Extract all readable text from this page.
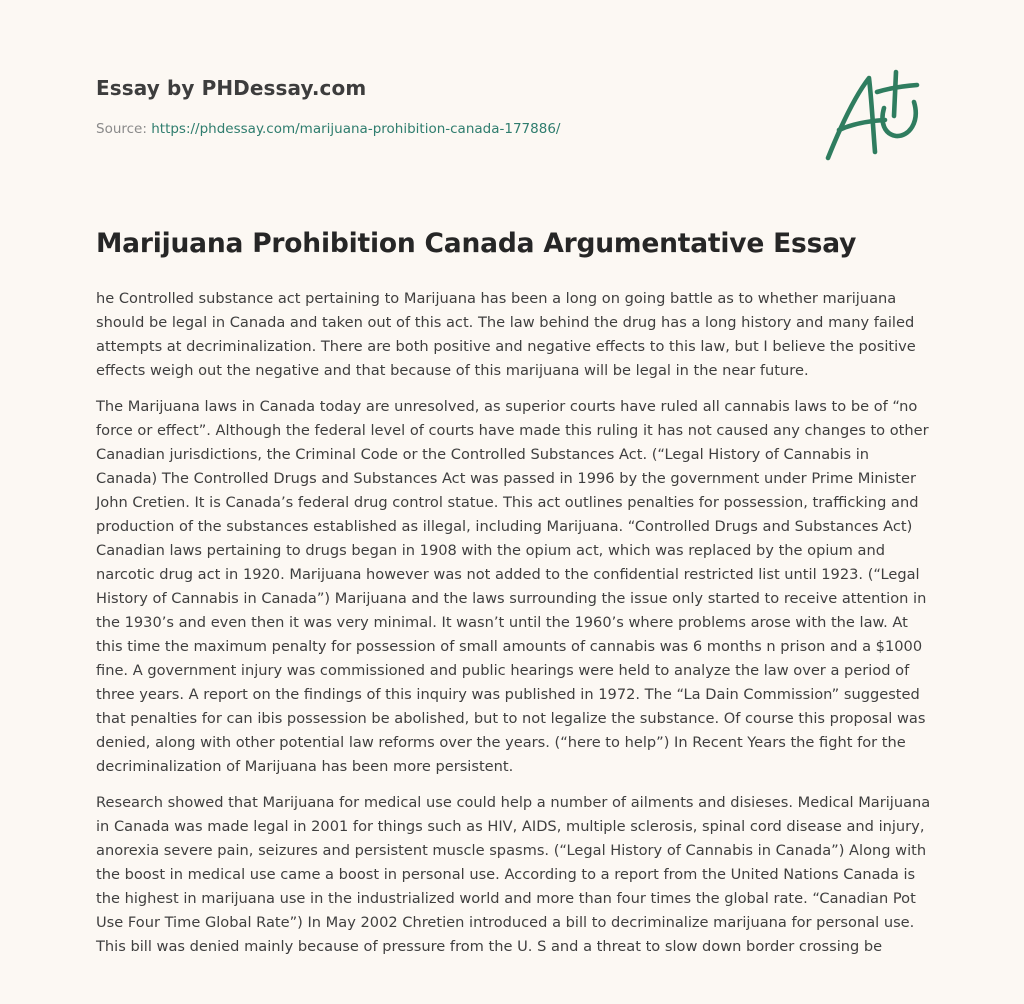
Essay by PHDessay.com
Source: https://phdessay.com/marijuana-prohibition-canada-177886/
Marijuana Prohibition Canada Argumentative Essay

he Controlled substance act pertaining to Marijuana has been a long on going battle as to whether marijuana should be legal in Canada and taken out of this act. The law behind the drug has a long history and many failed attempts at decriminalization. There are both positive and negative effects to this law, but I believe the positive effects weigh out the negative and that because of this marijuana will be legal in the near future.

The Marijuana laws in Canada today are unresolved, as superior courts have ruled all cannabis laws to be of “no force or effect”. Although the federal level of courts have made this ruling it has not caused any changes to other Canadian jurisdictions, the Criminal Code or the Controlled Substances Act. (“Legal History of Cannabis in Canada) The Controlled Drugs and Substances Act was passed in 1996 by the government under Prime Minister John Cretien. It is Canada’s federal drug control statue. This act outlines penalties for possession, trafficking and production of the substances established as illegal, including Marijuana. “Controlled Drugs and Substances Act) Canadian laws pertaining to drugs began in 1908 with the opium act, which was replaced by the opium and narcotic drug act in 1920. Marijuana however was not added to the confidential restricted list until 1923. (“Legal History of Cannabis in Canada”) Marijuana and the laws surrounding the issue only started to receive attention in the 1930’s and even then it was very minimal. It wasn’t until the 1960’s where problems arose with the law. At this time the maximum penalty for possession of small amounts of cannabis was 6 months n prison and a $1000 fine. A government injury was commissioned and public hearings were held to analyze the law over a period of three years. A report on the findings of this inquiry was published in 1972. The “La Dain Commission” suggested that penalties for can ibis possession be abolished, but to not legalize the substance. Of course this proposal was denied, along with other potential law reforms over the years. (“here to help”) In Recent Years the fight for the decriminalization of Marijuana has been more persistent.

Research showed that Marijuana for medical use could help a number of ailments and disieses. Medical Marijuana in Canada was made legal in 2001 for things such as HIV, AIDS, multiple sclerosis, spinal cord disease and injury, anorexia severe pain, seizures and persistent muscle spasms. (“Legal History of Cannabis in Canada”) Along with the boost in medical use came a boost in personal use. According to a report from the United Nations Canada is the highest in marijuana use in the industrialized world and more than four times the global rate. “Canadian Pot Use Four Time Global Rate”) In May 2002 Chretien introduced a bill to decriminalize marijuana for personal use. This bill was denied mainly because of pressure from the U. S and a threat to slow down border crossing be
